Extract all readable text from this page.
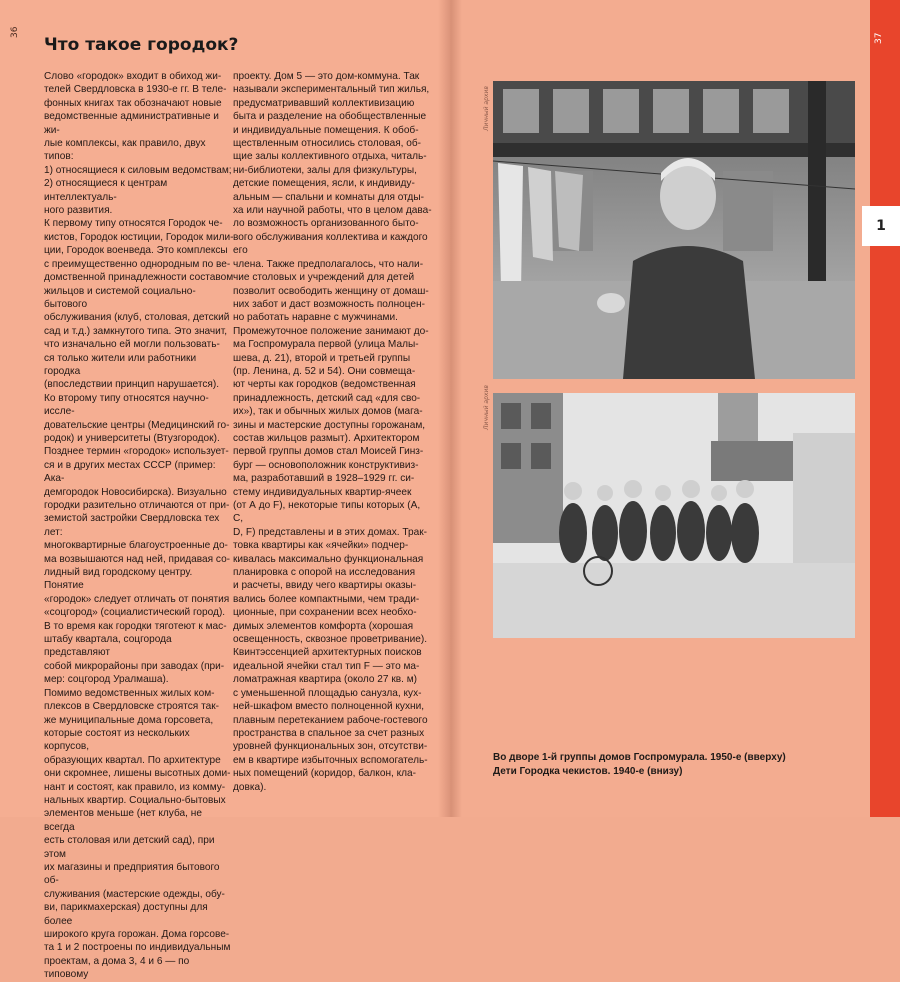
36
Что такое городок?

Слово «городок» входит в обиход жи-

телей Свердловска в 1930-е гг. В теле-

фонных книгах так обозначают новые

ведомственные административные и жи-

лые комплексы, как правило, двух типов:

1) относящиеся к силовым ведомствам;

2) относящиеся к центрам интеллектуаль-

ного развития.

К первому типу относятся Городок че-

кистов, Городок юстиции, Городок мили-

ции, Городок военведа. Это комплексы

с преимущественно однородным по ве-

домственной принадлежности составом

жильцов и системой социально-бытового

обслуживания (клуб, столовая, детский

сад и т.д.) замкнутого типа. Это значит,

что изначально ей могли пользовать-

ся только жители или работники городка

(впоследствии принцип нарушается).

Ко второму типу относятся научно-иссле-

довательские центры (Медицинский го-

родок) и университеты (Втузгородок).

Позднее термин «городок» использует-

ся и в других местах СССР (пример: Ака-

демгородок Новосибирска). Визуально

городки разительно отличаются от при-

земистой застройки Свердловска тех лет:

многоквартирные благоустроенные до-

ма возвышаются над ней, придавая со-

лидный вид городскому центру. Понятие

«городок» следует отличать от понятия

«соцгород» (социалистический город).

В то время как городки тяготеют к мас-

штабу квартала, соцгорода представляют

собой микрорайоны при заводах (при-

мер: соцгород Уралмаша).

Помимо ведомственных жилых ком-

плексов в Свердловске строятся так-

же муниципальные дома горсовета,

которые состоят из нескольких корпусов,

образующих квартал. По архитектуре

они скромнее, лишены высотных доми-

нант и состоят, как правило, из комму-

нальных квартир. Социально-бытовых

элементов меньше (нет клуба, не всегда

есть столовая или детский сад), при этом

их магазины и предприятия бытового об-

служивания (мастерские одежды, обу-

ви, парикмахерская) доступны для более

широкого круга горожан. Дома горсове-

та 1 и 2 построены по индивидуальным

проектам, а дома 3, 4 и 6 — по типовому

проекту. Дом 5 — это дом-коммуна. Так

называли экспериментальный тип жилья,

предусматривавший коллективизацию

быта и разделение на обобществленные

и индивидуальные помещения. К обоб-

ществленным относились столовая, об-

щие залы коллективного отдыха, читаль-

ни-библиотеки, залы для физкультуры,

детские помещения, ясли, к индивиду-

альным — спальни и комнаты для отды-

ха или научной работы, что в целом дава-

ло возможность организованного быто-

вого обслуживания коллектива и каждого его

члена. Также предполагалось, что нали-

чие столовых и учреждений для детей

позволит освободить женщину от домаш-

них забот и даст возможность полноцен-

но работать наравне с мужчинами.

Промежуточное положение занимают до-

ма Госпромурала первой (улица Малы-

шева, д. 21), второй и третьей группы

(пр. Ленина, д. 52 и 54). Они совмеща-

ют черты как городков (ведомственная

принадлежность, детский сад «для сво-

их»), так и обычных жилых домов (мага-

зины и мастерские доступны горожанам,

состав жильцов размыт). Архитектором

первой группы домов стал Моисей Гинз-

бург — основоположник конструктивиз-

ма, разработавший в 1928–1929 гг. си-

стему индивидуальных квартир-ячеек

(от А до F), некоторые типы которых (А, С,

D, F) представлены и в этих домах. Трак-

товка квартиры как «ячейки» подчер-

кивалась максимально функциональная

планировка с опорой на исследования

и расчеты, ввиду чего квартиры оказы-

вались более компактными, чем тради-

ционные, при сохранении всех необхо-

димых элементов комфорта (хорошая

освещенность, сквозное проветривание).

Квинтэссенцией архитектурных поисков

идеальной ячейки стал тип F — это ма-

ломатражная квартира (около 27 кв. м)

с уменьшенной площадью санузла, кух-

ней-шкафом вместо полноценной кухни,

плавным перетеканием рабоче-гостевого

пространства в спальное за счет разных

уровней функциональных зон, отсутстви-

ем в квартире избыточных вспомогатель-

ных помещений (коридор, балкон, кла-

довка).

37
1
Личный архив
Личный архив
Во дворе 1-й группы домов Госпромурала. 1950-е (вверху)
Дети Городка чекистов. 1940-е (внизу)
